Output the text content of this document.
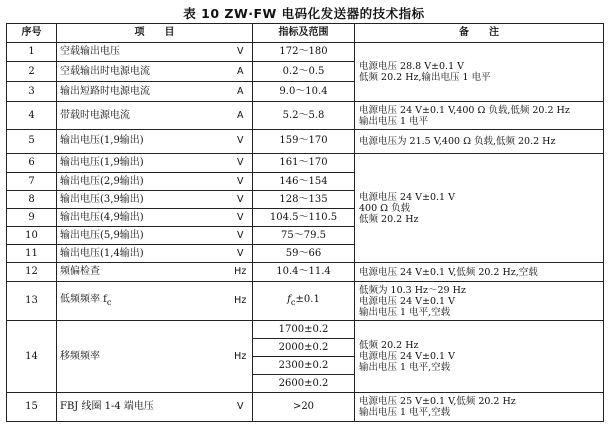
表 10 ZW·FW 电码化发送器的技术指标
序号	项　　目		指标及范围	备　　注
1	空载输出电压	V	172～180	电源电压 28.8 V±0.1 V
低频 20.2 Hz,输出电压 1 电平
2	空载输出时电源电流	A	0.2～0.5	
3	输出短路时电源电流	A	9.0～10.4	
4	带载时电源电流	A	5.2～5.8	电源电压 24 V±0.1 V,400 Ω 负载,低频 20.2 Hz
输出电压 1 电平
5	输出电压(1,9输出)	V	159～170	电源电压为 21.5 V,400 Ω 负载,低频 20.2 Hz
6	输出电压(1,9输出)	V	161～170	电源电压 24 V±0.1 V
400 Ω 负载
低频 20.2 Hz
7	输出电压(2,9输出)	V	146～154	
8	输出电压(3,9输出)	V	128～135	
9	输出电压(4,9输出)	V	104.5～110.5	
10	输出电压(5,9输出)	V	75～79.5	
11	输出电压(1,4输出)	V	59～66	
12	频偏检查	Hz	10.4～11.4	电源电压 24 V±0.1 V,低频 20.2 Hz,空载
13	低频频率 $f_c$	Hz	$f_c\pm 0.1$	低频为 10.3 Hz～29 Hz
电源电压 24 V±0.1 V
输出电压 1 电平,空载
14	移频频率	Hz	1700±0.2	低频 20.2 Hz
电源电压 24 V±0.1 V
输出电压 1 电平,空载
			2000±0.2	
			2300±0.2	
			2600±0.2	
15	FBJ 线圈 1-4 端电压	V	>20	电源电压 25 V±0.1 V,低频 20.2 Hz
输出电压 1 电平,空载
